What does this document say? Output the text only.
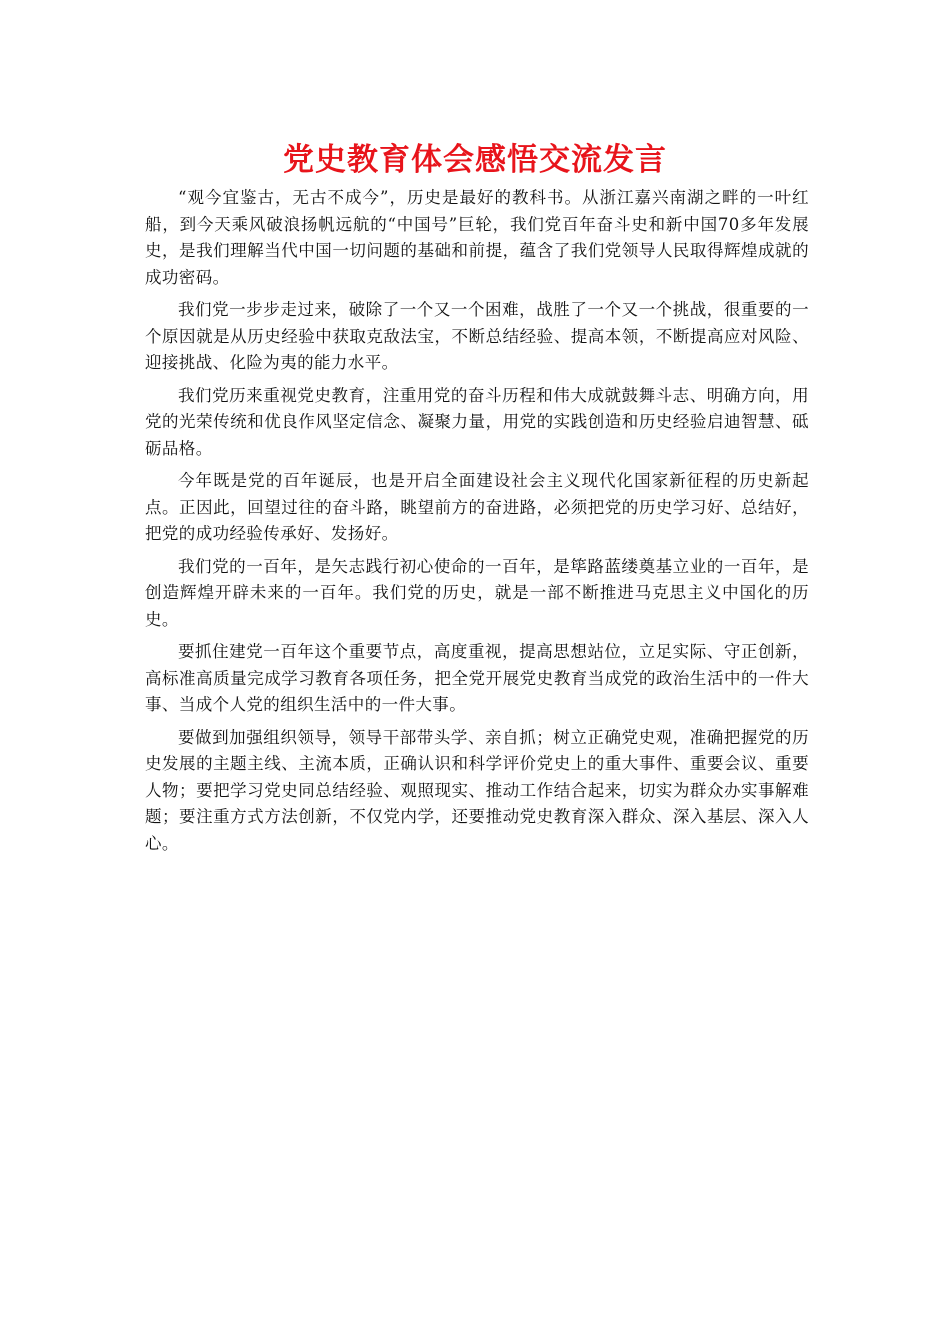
党史教育体会感悟交流发言

“观今宜鉴古，无古不成今”，历史是最好的教科书。从浙江嘉兴南湖之畔的一叶红船，到今天乘风破浪扬帆远航的“中国号”巨轮，我们党百年奋斗史和新中国70多年发展史，是我们理解当代中国一切问题的基础和前提，蕴含了我们党领导人民取得辉煌成就的成功密码。

我们党一步步走过来，破除了一个又一个困难，战胜了一个又一个挑战，很重要的一个原因就是从历史经验中获取克敌法宝，不断总结经验、提高本领，不断提高应对风险、迎接挑战、化险为夷的能力水平。

我们党历来重视党史教育，注重用党的奋斗历程和伟大成就鼓舞斗志、明确方向，用党的光荣传统和优良作风坚定信念、凝聚力量，用党的实践创造和历史经验启迪智慧、砥砺品格。

今年既是党的百年诞辰，也是开启全面建设社会主义现代化国家新征程的历史新起点。正因此，回望过往的奋斗路，眺望前方的奋进路，必须把党的历史学习好、总结好，把党的成功经验传承好、发扬好。

我们党的一百年，是矢志践行初心使命的一百年，是筚路蓝缕奠基立业的一百年，是创造辉煌开辟未来的一百年。我们党的历史，就是一部不断推进马克思主义中国化的历史。

要抓住建党一百年这个重要节点，高度重视，提高思想站位，立足实际、守正创新，高标准高质量完成学习教育各项任务，把全党开展党史教育当成党的政治生活中的一件大事、当成个人党的组织生活中的一件大事。

要做到加强组织领导，领导干部带头学、亲自抓；树立正确党史观，准确把握党的历史发展的主题主线、主流本质，正确认识和科学评价党史上的重大事件、重要会议、重要人物；要把学习党史同总结经验、观照现实、推动工作结合起来，切实为群众办实事解难题；要注重方式方法创新，不仅党内学，还要推动党史教育深入群众、深入基层、深入人心。
